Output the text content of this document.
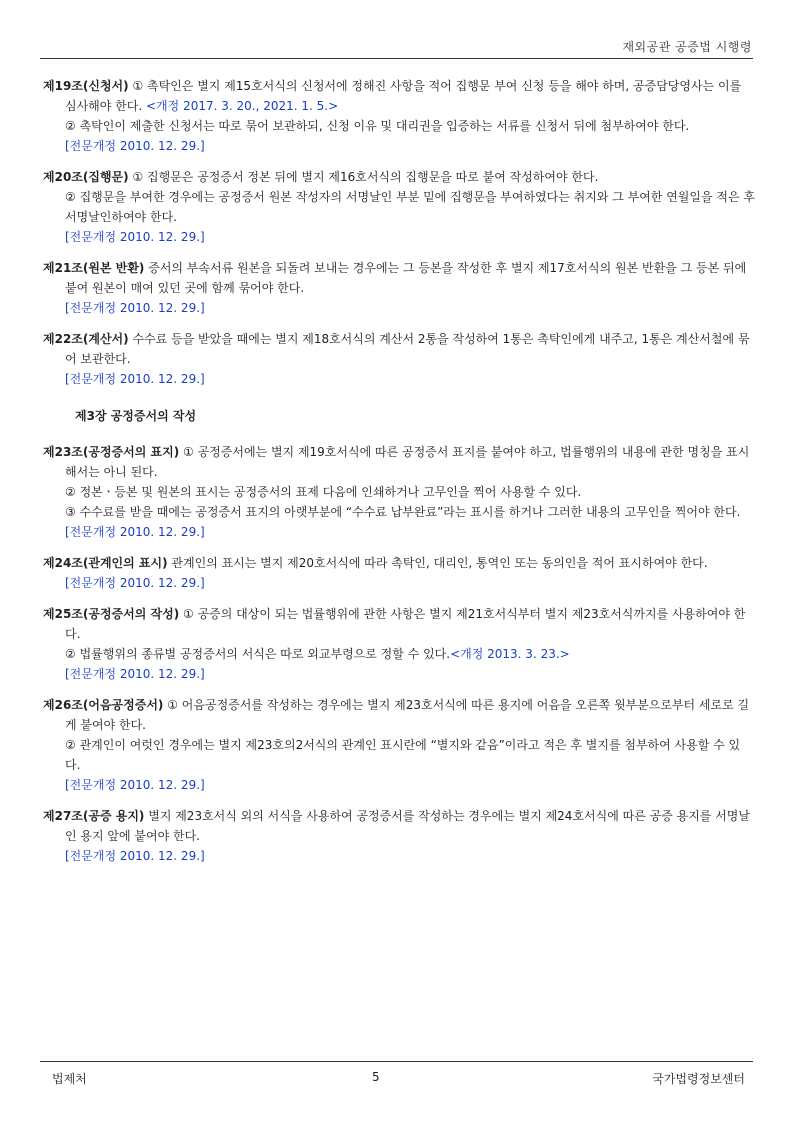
재외공관 공증법 시행령
제19조(신청서) ① 촉탁인은 별지 제15호서식의 신청서에 정해진 사항을 적어 집행문 부여 신청 등을 해야 하며, 공증담당영사는 이를 심사해야 한다. <개정 2017. 3. 20., 2021. 1. 5.>
② 촉탁인이 제출한 신청서는 따로 묶어 보관하되, 신청 이유 및 대리권을 입증하는 서류를 신청서 뒤에 첨부하여야 한다.
[전문개정 2010. 12. 29.]
제20조(집행문) ① 집행문은 공정증서 정본 뒤에 별지 제16호서식의 집행문을 따로 붙여 작성하여야 한다.
② 집행문을 부여한 경우에는 공정증서 원본 작성자의 서명날인 부분 밑에 집행문을 부여하였다는 취지와 그 부여한 연월일을 적은 후 서명날인하여야 한다.
[전문개정 2010. 12. 29.]
제21조(원본 반환) 증서의 부속서류 원본을 되돌려 보내는 경우에는 그 등본을 작성한 후 별지 제17호서식의 원본 반환을 그 등본 뒤에 붙여 원본이 매여 있던 곳에 함께 묶어야 한다.
[전문개정 2010. 12. 29.]
제22조(계산서) 수수료 등을 받았을 때에는 별지 제18호서식의 계산서 2통을 작성하여 1통은 촉탁인에게 내주고, 1통은 계산서철에 묶어 보관한다.
[전문개정 2010. 12. 29.]
제3장 공정증서의 작성
제23조(공정증서의 표지) ① 공정증서에는 별지 제19호서식에 따른 공정증서 표지를 붙여야 하고, 법률행위의 내용에 관한 명칭을 표시해서는 아니 된다.
② 정본ㆍ등본 및 원본의 표시는 공정증서의 표제 다음에 인쇄하거나 고무인을 찍어 사용할 수 있다.
③ 수수료를 받을 때에는 공정증서 표지의 아랫부분에 “수수료 납부완료”라는 표시를 하거나 그러한 내용의 고무인을 찍어야 한다.
[전문개정 2010. 12. 29.]
제24조(관계인의 표시) 관계인의 표시는 별지 제20호서식에 따라 촉탁인, 대리인, 통역인 또는 동의인을 적어 표시하여야 한다.
[전문개정 2010. 12. 29.]
제25조(공정증서의 작성) ① 공증의 대상이 되는 법률행위에 관한 사항은 별지 제21호서식부터 별지 제23호서식까지를 사용하여야 한다.
② 법률행위의 종류별 공정증서의 서식은 따로 외교부령으로 정할 수 있다.<개정 2013. 3. 23.>
[전문개정 2010. 12. 29.]
제26조(어음공정증서) ① 어음공정증서를 작성하는 경우에는 별지 제23호서식에 따른 용지에 어음을 오른쪽 윗부분으로부터 세로로 길게 붙여야 한다.
② 관계인이 여럿인 경우에는 별지 제23호의2서식의 관계인 표시란에 “별지와 같음”이라고 적은 후 별지를 첨부하여 사용할 수 있다.
[전문개정 2010. 12. 29.]
제27조(공증 용지) 별지 제23호서식 외의 서식을 사용하여 공정증서를 작성하는 경우에는 별지 제24호서식에 따른 공증 용지를 서명날인 용지 앞에 붙여야 한다.
[전문개정 2010. 12. 29.]
법제처	5	국가법령정보센터
